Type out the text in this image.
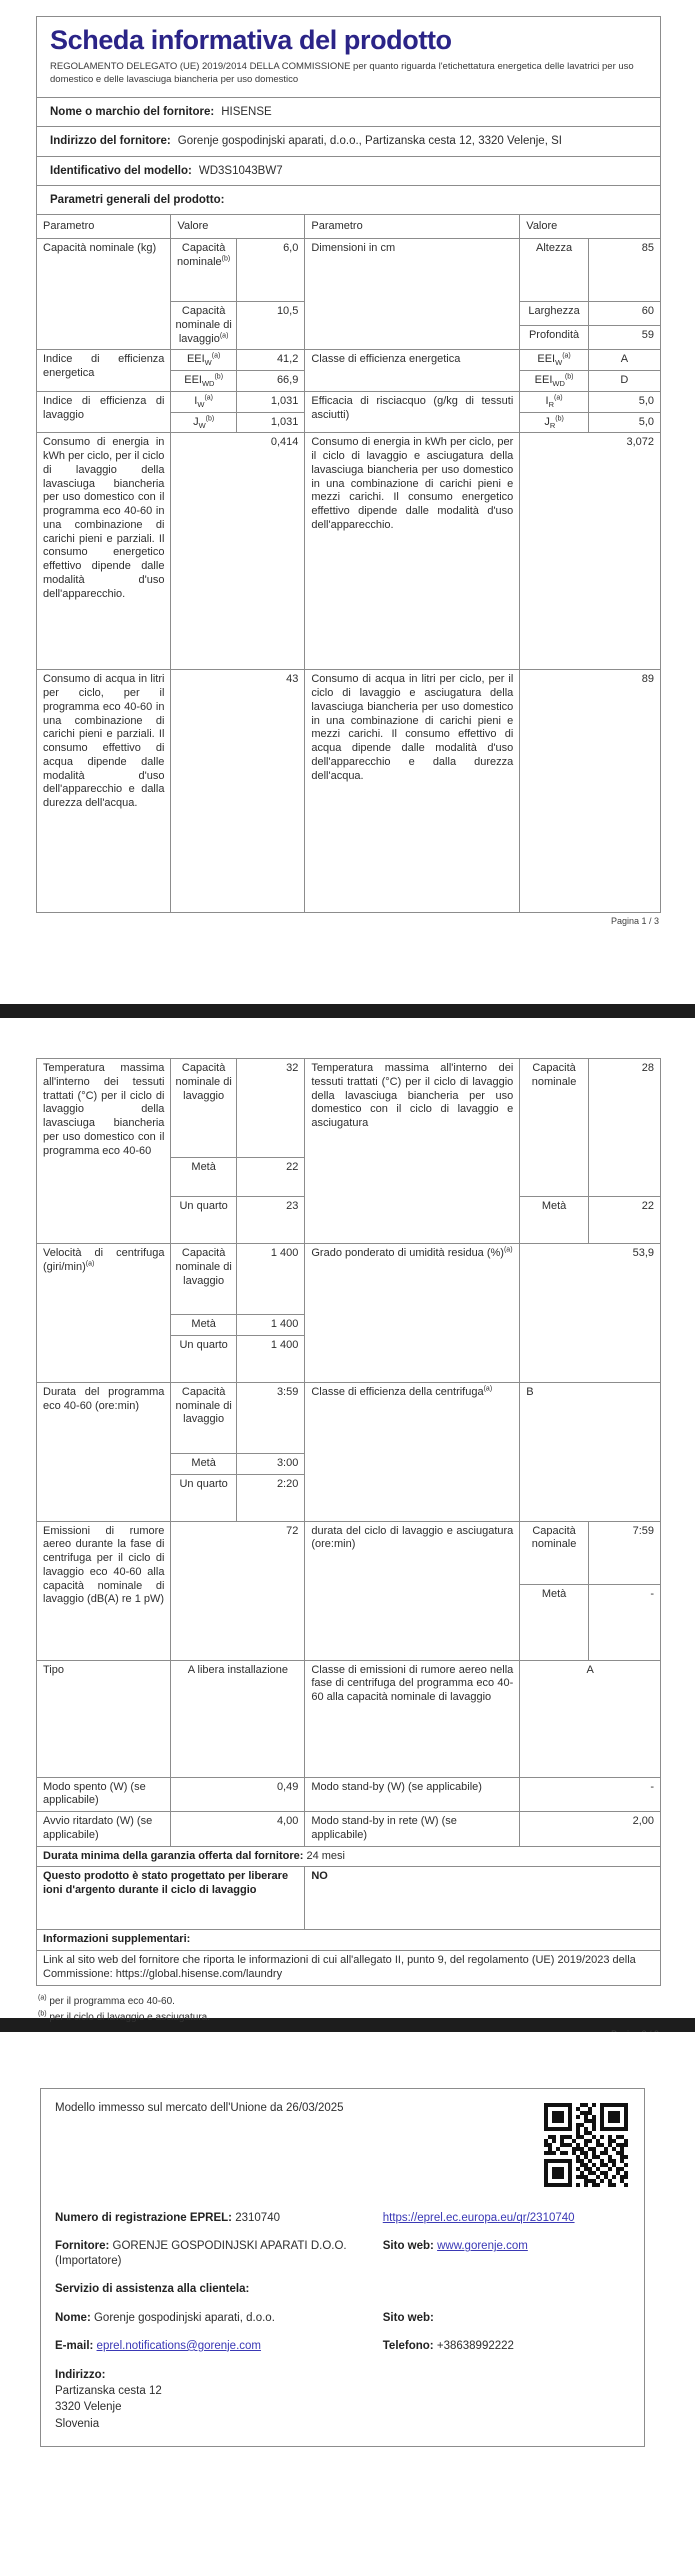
Scheda informativa del prodotto
REGOLAMENTO DELEGATO (UE) 2019/2014 DELLA COMMISSIONE per quanto riguarda l'etichettatura energetica delle lavatrici per uso domestico e delle lavasciuga biancheria per uso domestico
Nome o marchio del fornitore: HISENSE
Indirizzo del fornitore: Gorenje gospodinjski aparati, d.o.o., Partizanska cesta 12, 3320 Velenje, SI
Identificativo del modello: WD3S1043BW7
Parametri generali del prodotto:
Parametro	Valore		Parametro	Valore	
Capacità nominale (kg)	Capacità nominale$^{(b)}$	6,0	Dimensioni in cm	Altezza	85
	Capacità nominale di lavaggio$^{(a)}$	10,5		Larghezza	60
				Profondità	59
Indice di efficienza energetica	$EEI_W^{(a)}$	41,2	Classe di efficienza energetica	$EEI_W^{(a)}$	A
	$EEI_{WD}^{(b)}$	66,9		$EEI_{WD}^{(b)}$	D
Indice di efficienza di lavaggio	$I_W^{(a)}$	1,031	Efficacia di risciacquo (g/kg di tessuti asciutti)	$I_R^{(a)}$	5,0
	$J_W^{(b)}$	1,031		$J_R^{(b)}$	5,0
Consumo di energia in kWh per ciclo, per il ciclo di lavaggio della lavasciuga biancheria per uso domestico con il programma eco 40-60 in una combinazione di carichi pieni e parziali. Il consumo energetico effettivo dipende dalle modalità d'uso dell'apparecchio.	0,414	Consumo di energia in kWh per ciclo, per il ciclo di lavaggio e asciugatura della lavasciuga biancheria per uso domestico in una combinazione di carichi pieni e mezzi carichi. Il consumo energetico effettivo dipende dalle modalità d'uso dell'apparecchio.	3,072
Consumo di acqua in litri per ciclo, per il programma eco 40-60 in una combinazione di carichi pieni e parziali. Il consumo effettivo di acqua dipende dalle modalità d'uso dell'apparecchio e dalla durezza dell'acqua.	43	Consumo di acqua in litri per ciclo, per il ciclo di lavaggio e asciugatura della lavasciuga biancheria per uso domestico in una combinazione di carichi pieni e mezzi carichi. Il consumo effettivo di acqua dipende dalle modalità d'uso dell'apparecchio e dalla durezza dell'acqua.	89
Pagina 1 / 3
Temperatura massima all'interno dei tessuti trattati (°C) per il ciclo di lavaggio della lavasciuga biancheria per uso domestico con il programma eco 40-60	Capacità nominale di lavaggio	32	Temperatura massima all'interno dei tessuti trattati (°C) per il ciclo di lavaggio della lavasciuga biancheria per uso domestico con il ciclo di lavaggio e asciugatura	Capacità nominale	28
	Metà	22			
	Un quarto	23		Metà	22
Velocità di centrifuga (giri/min)$^{(a)}$	Capacità nominale di lavaggio	1 400	Grado ponderato di umidità residua (%)$^{(a)}$	53,9	
	Metà	1 400			
	Un quarto	1 400			
Durata del programma eco 40-60 (ore:min)	Capacità nominale di lavaggio	3:59	Classe di efficienza della centrifuga$^{(a)}$	B	
	Metà	3:00			
	Un quarto	2:20			
Emissioni di rumore aereo durante la fase di centrifuga per il ciclo di lavaggio eco 40-60 alla capacità nominale di lavaggio (dB(A) re 1 pW)	72		durata del ciclo di lavaggio e asciugatura (ore:min)	Capacità nominale	7:59
				Metà	-
Tipo	A libera installazione		Classe di emissioni di rumore aereo nella fase di centrifuga del programma eco 40-60 alla capacità nominale di lavaggio	A	
Modo spento (W) (se applicabile)	0,49		Modo stand-by (W) (se applicabile)	-	
Avvio ritardato (W) (se applicabile)	4,00		Modo stand-by in rete (W) (se applicabile)	2,00	
Durata minima della garanzia offerta dal fornitore: 24 mesi					
Questo prodotto è stato progettato per liberare ioni d'argento durante il ciclo di lavaggio			NO		
Informazioni supplementari:					
Link al sito web del fornitore che riporta le informazioni di cui all'allegato II, punto 9, del regolamento (UE) 2019/2023 della Commissione: https://global.hisense.com/laundry					
$^{(a)}$ per il programma eco 40-60.
$^{(b)}$ per il ciclo di lavaggio e asciugatura.
Modello immesso sul mercato dell'Unione da 26/03/2025
Numero di registrazione EPREL: 2310740	https://eprel.ec.europa.eu/qr/2310740
Fornitore: GORENJE GOSPODINJSKI APARATI D.O.O. (Importatore)
Sito web: www.gorenje.com
Servizio di assistenza alla clientela:
Nome: Gorenje gospodinjski aparati, d.o.o.	Sito web:
E-mail: eprel.notifications@gorenje.com	Telefono: +38638992222
Indirizzo:
Partizanska cesta 12
3320 Velenje
Slovenia
